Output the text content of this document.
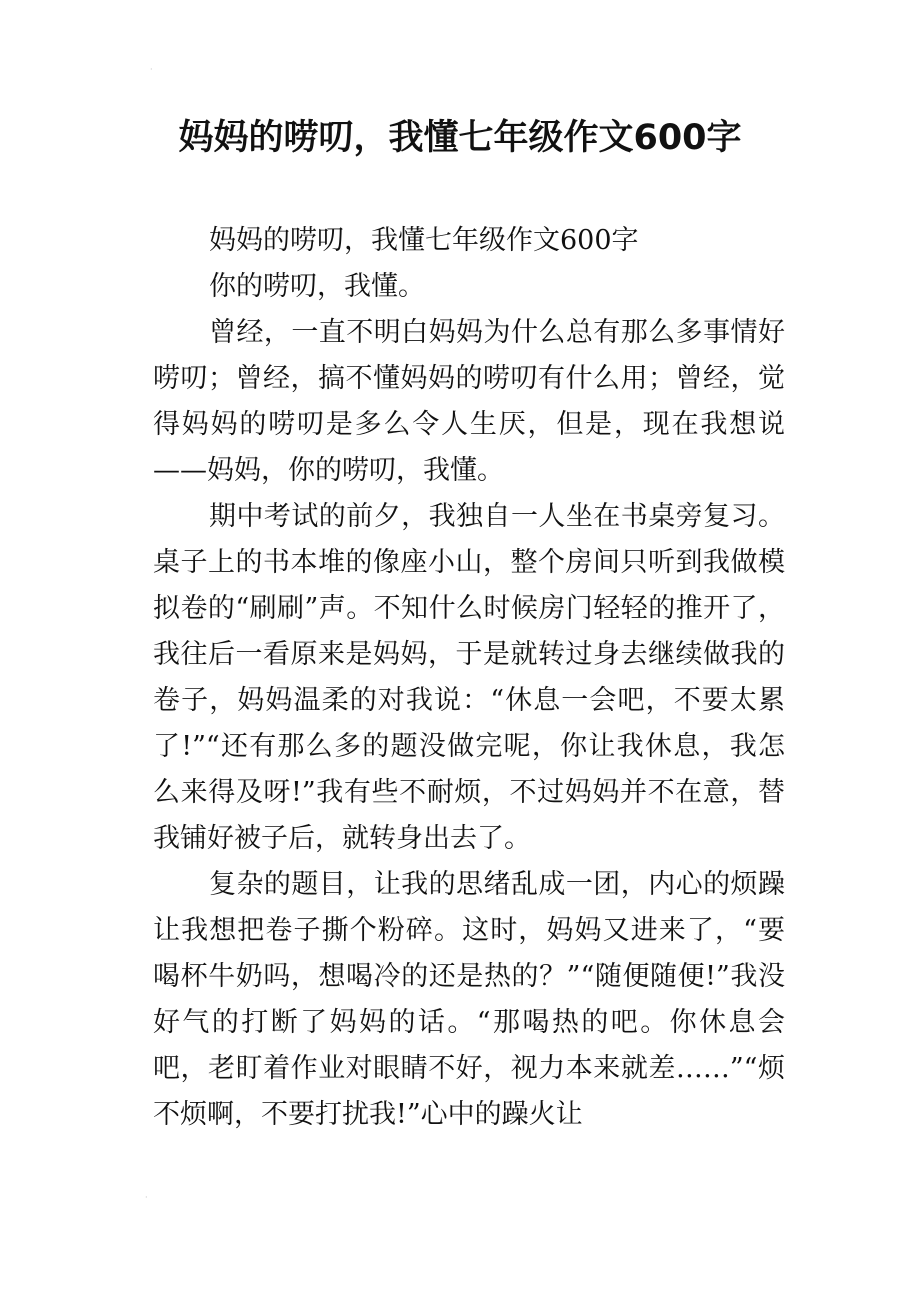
·
妈妈的唠叨，我懂七年级作文600字

妈妈的唠叨，我懂七年级作文600字

你的唠叨，我懂。

曾经，一直不明白妈妈为什么总有那么多事情好唠叨；曾经，搞不懂妈妈的唠叨有什么用；曾经，觉得妈妈的唠叨是多么令人生厌，但是，现在我想说——妈妈，你的唠叨，我懂。

期中考试的前夕，我独自一人坐在书桌旁复习。桌子上的书本堆的像座小山，整个房间只听到我做模拟卷的“刷刷”声。不知什么时候房门轻轻的推开了，我往后一看原来是妈妈，于是就转过身去继续做我的卷子，妈妈温柔的对我说：“休息一会吧，不要太累了!”“还有那么多的题没做完呢，你让我休息，我怎么来得及呀!”我有些不耐烦，不过妈妈并不在意，替我铺好被子后，就转身出去了。

复杂的题目，让我的思绪乱成一团，内心的烦躁让我想把卷子撕个粉碎。这时，妈妈又进来了，“要喝杯牛奶吗，想喝冷的还是热的？”“随便随便!”我没好气的打断了妈妈的话。“那喝热的吧。你休息会吧，老盯着作业对眼睛不好，视力本来就差……”“烦不烦啊，不要打扰我!”心中的躁火让

·
